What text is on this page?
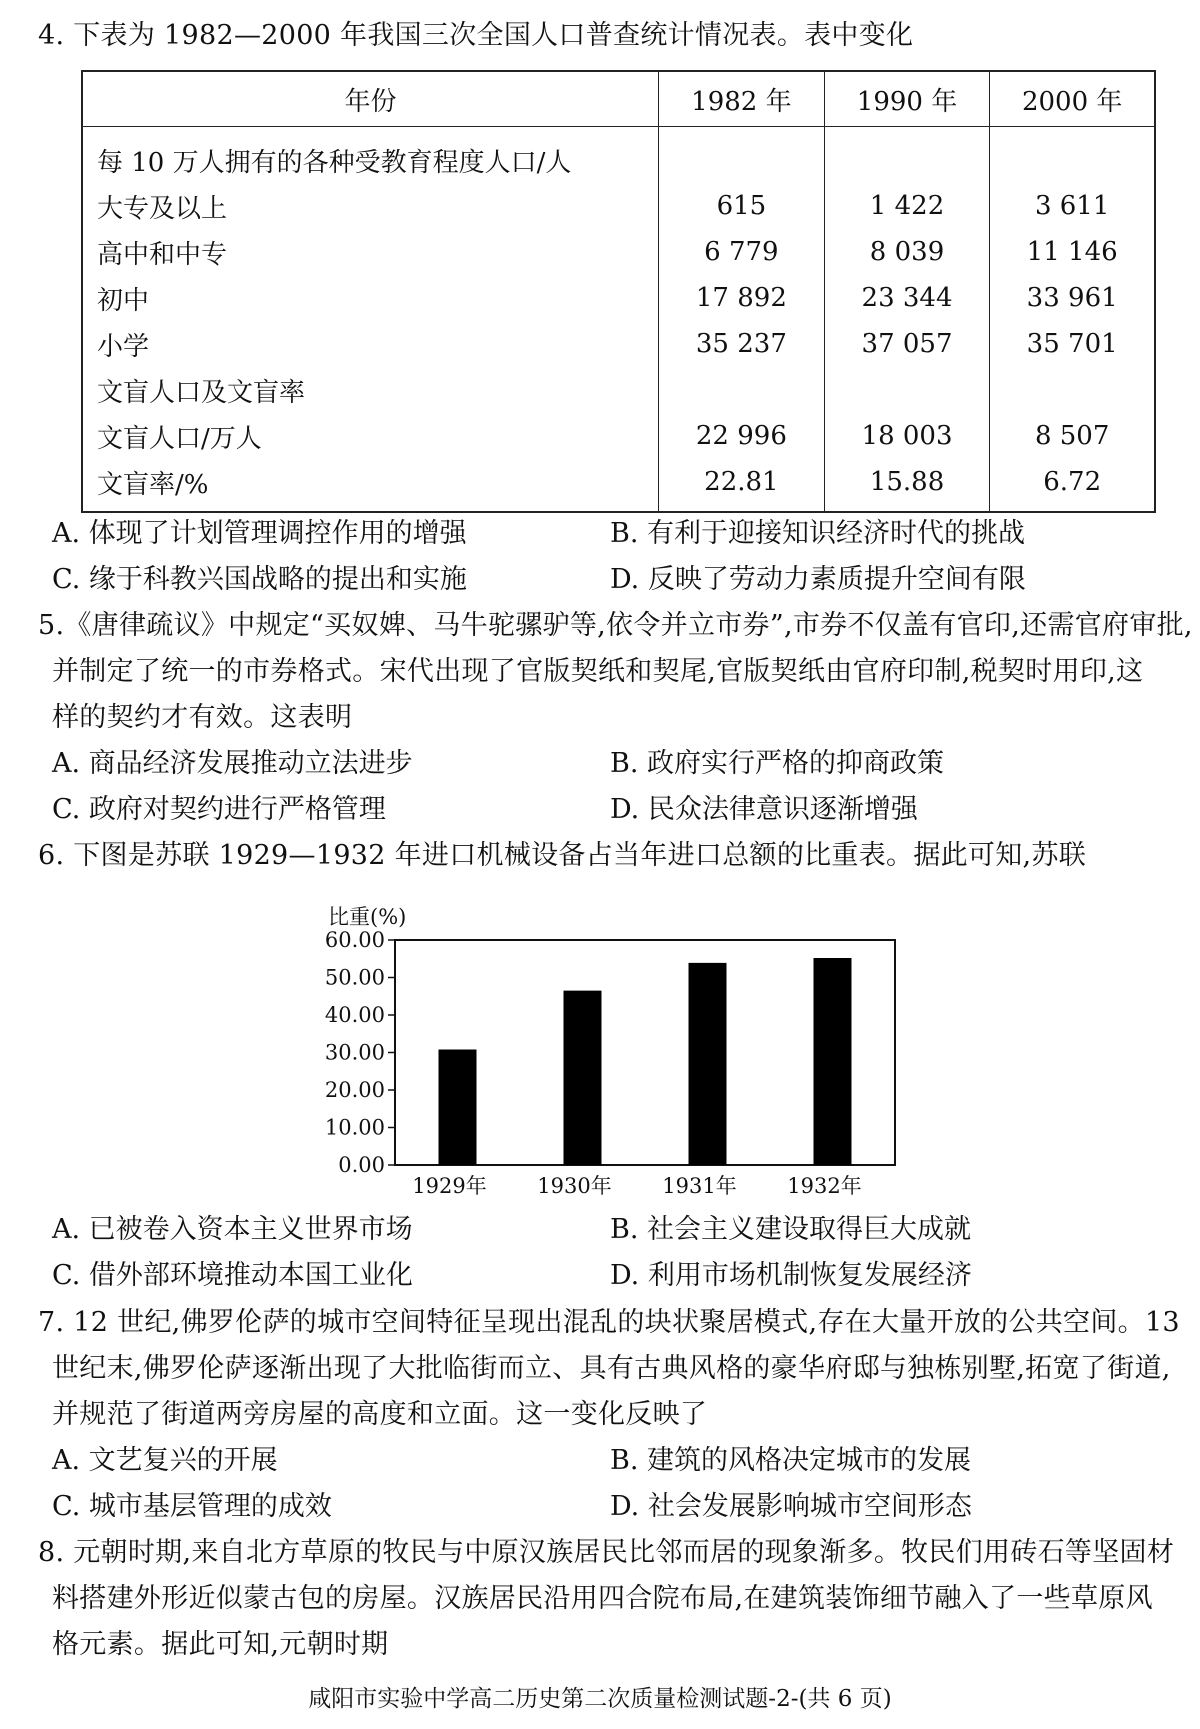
4. 下表为 1982—2000 年我国三次全国人口普查统计情况表。表中变化
年份	1982 年	1990 年	2000 年
每 10 万人拥有的各种受教育程度人口/人			
大专及以上	615	1 422	3 611
高中和中专	6 779	8 039	11 146
初中	17 892	23 344	33 961
小学	35 237	37 057	35 701
文盲人口及文盲率			
文盲人口/万人	22 996	18 003	8 507
文盲率/%	22.81	15.88	6.72
A. 体现了计划管理调控作用的增强	B. 有利于迎接知识经济时代的挑战
C. 缘于科教兴国战略的提出和实施	D. 反映了劳动力素质提升空间有限
5.《唐律疏议》中规定“买奴婢、马牛驼骡驴等,依令并立市券”,市券不仅盖有官印,还需官府审批,
并制定了统一的市券格式。宋代出现了官版契纸和契尾,官版契纸由官府印制,税契时用印,这
样的契约才有效。这表明
A. 商品经济发展推动立法进步	B. 政府实行严格的抑商政策
C. 政府对契约进行严格管理	D. 民众法律意识逐渐增强
6. 下图是苏联 1929—1932 年进口机械设备占当年进口总额的比重表。据此可知,苏联
比重(%)
0.00
10.00
20.00
30.00
40.00
50.00
60.00
1929年 1930年 1931年 1932年
A. 已被卷入资本主义世界市场	B. 社会主义建设取得巨大成就
C. 借外部环境推动本国工业化	D. 利用市场机制恢复发展经济
7. 12 世纪,佛罗伦萨的城市空间特征呈现出混乱的块状聚居模式,存在大量开放的公共空间。13
世纪末,佛罗伦萨逐渐出现了大批临街而立、具有古典风格的豪华府邸与独栋别墅,拓宽了街道,
并规范了街道两旁房屋的高度和立面。这一变化反映了
A. 文艺复兴的开展	B. 建筑的风格决定城市的发展
C. 城市基层管理的成效	D. 社会发展影响城市空间形态
8. 元朝时期,来自北方草原的牧民与中原汉族居民比邻而居的现象渐多。牧民们用砖石等坚固材
料搭建外形近似蒙古包的房屋。汉族居民沿用四合院布局,在建筑装饰细节融入了一些草原风
格元素。据此可知,元朝时期
咸阳市实验中学高二历史第二次质量检测试题-2-(共 6 页)
